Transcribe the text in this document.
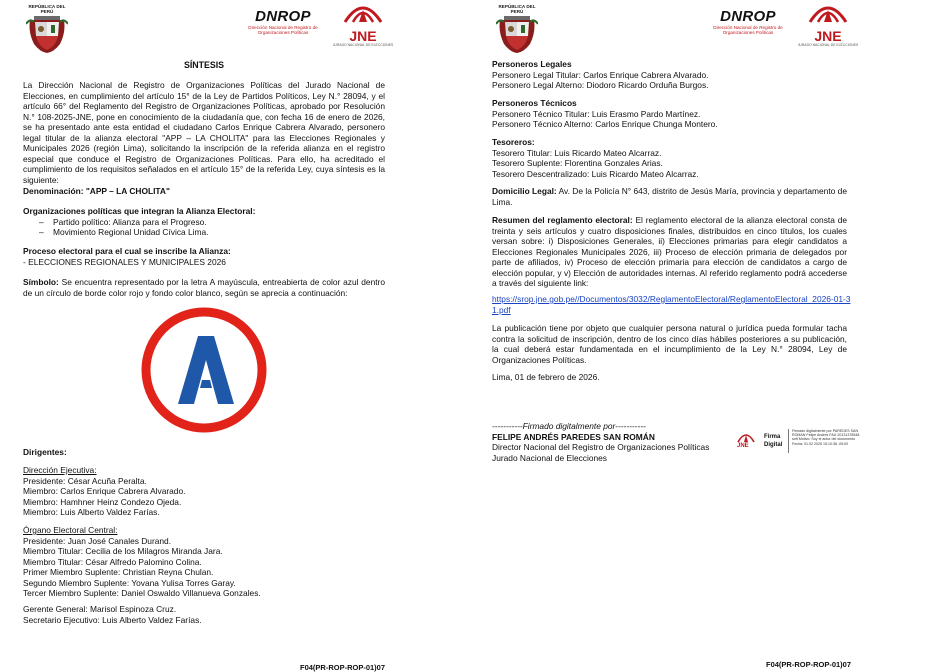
REPÚBLICA DEL PERÚ	DNROP
Dirección Nacional de Registro de
Organizaciones Políticas	JNE
JURADO NACIONAL DE ELECCIONES
SÍNTESIS
La Dirección Nacional de Registro de Organizaciones Políticas del Jurado Nacional de Elecciones, en cumplimiento del artículo 15° de la Ley de Partidos Políticos, Ley N.° 28094, y el artículo 66° del Reglamento del Registro de Organizaciones Políticas, aprobado por Resolución N.° 108-2025-JNE, pone en conocimiento de la ciudadanía que, con fecha 16 de enero de 2026, se ha presentado ante esta entidad el ciudadano Carlos Enrique Cabrera Alvarado, personero legal titular de la alianza electoral "APP – LA CHOLITA" para las Elecciones Regionales y Municipales 2026 (región Lima), solicitando la inscripción de la referida alianza en el registro especial que conduce el Registro de Organizaciones Políticas. Para ello, ha acreditado el cumplimiento de los requisitos señalados en el artículo 15° de la referida Ley, cuya síntesis es la siguiente:
Denominación: "APP – LA CHOLITA"
Organizaciones políticas que integran la Alianza Electoral:
– Partido político: Alianza para el Progreso.
– Movimiento Regional Unidad Cívica Lima.
Proceso electoral para el cual se inscribe la Alianza:
- ELECCIONES REGIONALES Y MUNICIPALES 2026
Símbolo: Se encuentra representado por la letra A mayúscula, entreabierta de color azul dentro de un círculo de borde color rojo y fondo color blanco, según se aprecia a continuación:
Dirigentes:
Dirección Ejecutiva:
Presidente: César Acuña Peralta.
Miembro: Carlos Enrique Cabrera Alvarado.
Miembro: Hamhner Heinz Condezo Ojeda.
Miembro: Luis Alberto Valdez Farías.
Órgano Electoral Central:
Presidente: Juan José Canales Durand.
Miembro Titular: Cecilia de los Milagros Miranda Jara.
Miembro Titular: César Alfredo Palomino Colina.
Primer Miembro Suplente: Christian Reyna Chulan.
Segundo Miembro Suplente: Yovana Yulisa Torres Garay.
Tercer Miembro Suplente: Daniel Oswaldo Villanueva Gonzales.
Gerente General: Marisol Espinoza Cruz.
Secretario Ejecutivo: Luis Alberto Valdez Farías.
F04(PR-ROP-ROP-01)07
REPÚBLICA DEL PERÚ	DNROP
Dirección Nacional de Registro de
Organizaciones Políticas	JNE
JURADO NACIONAL DE ELECCIONES
Personeros Legales
Personero Legal Titular: Carlos Enrique Cabrera Alvarado.
Personero Legal Alterno: Diodoro Ricardo Orduña Burgos.
Personeros Técnicos
Personero Técnico Titular: Luis Erasmo Pardo Martínez.
Personero Técnico Alterno: Carlos Enrique Chunga Montero.
Tesoreros:
Tesorero Titular: Luis Ricardo Mateo Alcarraz.
Tesorero Suplente: Florentina Gonzales Arias.
Tesorero Descentralizado: Luis Ricardo Mateo Alcarraz.
Domicilio Legal: Av. De la Policía N° 643, distrito de Jesús María, provincia y departamento de Lima.
Resumen del reglamento electoral: El reglamento electoral de la alianza electoral consta de treinta y seis artículos y cuatro disposiciones finales, distribuidos en cinco títulos, los cuales versan sobre: i) Disposiciones Generales, ii) Elecciones primarias para elegir candidatos a Elecciones Regionales Municipales 2026, iii) Proceso de elección primaria de delegados por parte de afiliados, iv) Proceso de elección primaria para elección de candidatos a cargo de elección popular, y v) Elección de autoridades internas. Al referido reglamento podrá accederse a través del siguiente link:
https://srop.jne.gob.pe//Documentos/3032/ReglamentoElectoral/ReglamentoElectoral_2026-01-31.pdf
La publicación tiene por objeto que cualquier persona natural o jurídica pueda formular tacha contra la solicitud de inscripción, dentro de los cinco días hábiles posteriores a su publicación, la cual deberá estar fundamentada en el incumplimiento de la Ley N.° 28094, Ley de Organizaciones Políticas.
Lima, 01 de febrero de 2026.
-----------Firmado digitalmente por-----------
FELIPE ANDRÉS PAREDES SAN ROMÁN
Director Nacional del Registro de Organizaciones Políticas
Jurado Nacional de Elecciones
JNE
Firma
Digital
Firmado digitalmente por PAREDES SAN ROMAN Felipe Andres FAU 20131378548 soft Motivo: Soy el autor del documento Fecha: 01.02.2026 15:10:38 -05:00
F04(PR-ROP-ROP-01)07
